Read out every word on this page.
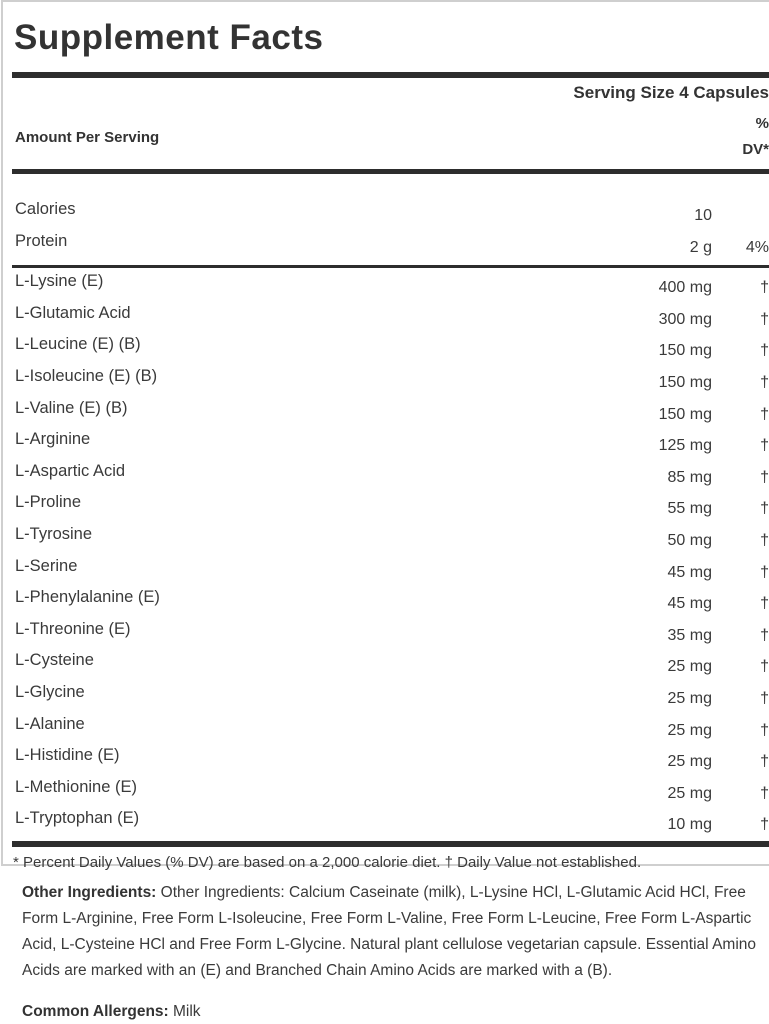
Supplement Facts
Serving Size 4 Capsules
Amount Per Serving
%
DV*
Calories	10
Protein	2 g	4%
L-Lysine (E)	400 mg	†
L-Glutamic Acid	300 mg	†
L-Leucine (E) (B)	150 mg	†
L-Isoleucine (E) (B)	150 mg	†
L-Valine (E) (B)	150 mg	†
L-Arginine	125 mg	†
L-Aspartic Acid	85 mg	†
L-Proline	55 mg	†
L-Tyrosine	50 mg	†
L-Serine	45 mg	†
L-Phenylalanine (E)	45 mg	†
L-Threonine (E)	35 mg	†
L-Cysteine	25 mg	†
L-Glycine	25 mg	†
L-Alanine	25 mg	†
L-Histidine (E)	25 mg	†
L-Methionine (E)	25 mg	†
L-Tryptophan (E)	10 mg	†
* Percent Daily Values (% DV) are based on a 2,000 calorie diet. † Daily Value not established.

Other Ingredients: Other Ingredients: Calcium Caseinate (milk), L-Lysine HCl, L-Glutamic Acid HCl, Free Form L-Arginine, Free Form L-Isoleucine, Free Form L-Valine, Free Form L-Leucine, Free Form L-Aspartic Acid, L-Cysteine HCl and Free Form L-Glycine. Natural plant cellulose vegetarian capsule. Essential Amino Acids are marked with an (E) and Branched Chain Amino Acids are marked with a (B).

Common Allergens: Milk
